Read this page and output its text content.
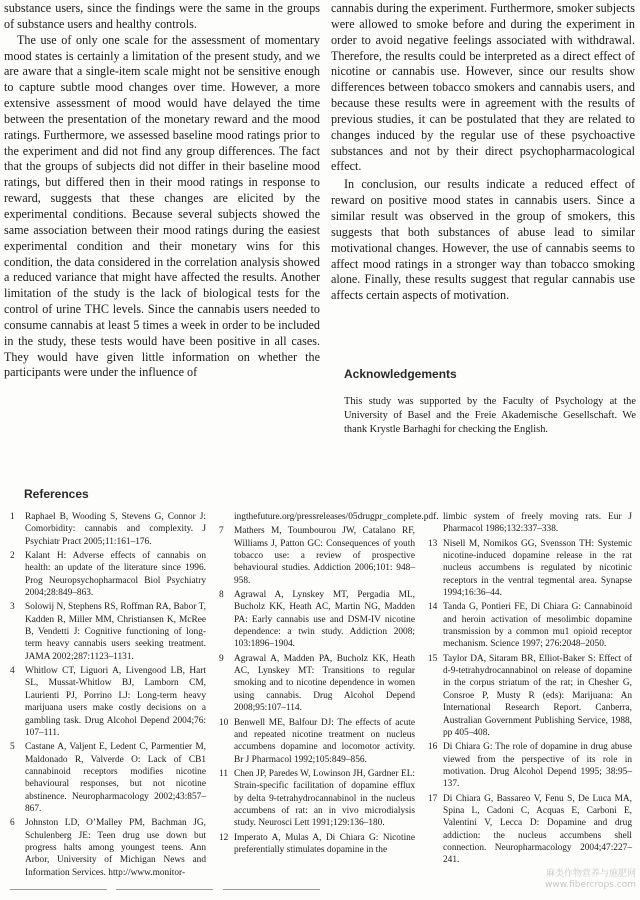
substance users, since the findings were the same in the groups of substance users and healthy controls.

The use of only one scale for the assessment of momentary mood states is certainly a limitation of the present study, and we are aware that a single-item scale might not be sensitive enough to capture subtle mood changes over time. However, a more extensive assessment of mood would have delayed the time between the presentation of the monetary reward and the mood ratings. Furthermore, we assessed baseline mood ratings prior to the experiment and did not find any group differences. The fact that the groups of subjects did not differ in their baseline mood ratings, but differed then in their mood ratings in response to reward, suggests that these changes are elicited by the experimental conditions. Because several subjects showed the same association between their mood ratings during the easiest experimental condition and their monetary wins for this condition, the data considered in the correlation analysis showed a reduced variance that might have affected the results. Another limitation of the study is the lack of biological tests for the control of urine THC levels. Since the cannabis users needed to consume cannabis at least 5 times a week in order to be included in the study, these tests would have been positive in all cases. They would have given little information on whether the participants were under the influence of

cannabis during the experiment. Furthermore, smoker subjects were allowed to smoke before and during the experiment in order to avoid negative feelings associated with withdrawal. Therefore, the results could be interpreted as a direct effect of nicotine or cannabis use. However, since our results show differences between tobacco smokers and cannabis users, and because these results were in agreement with the results of previous studies, it can be postulated that they are related to changes induced by the regular use of these psychoactive substances and not by their direct psychopharmacological effect.

In conclusion, our results indicate a reduced effect of reward on positive mood states in cannabis users. Since a similar result was observed in the group of smokers, this suggests that both substances of abuse lead to similar motivational changes. However, the use of cannabis seems to affect mood ratings in a stronger way than tobacco smoking alone. Finally, these results suggest that regular cannabis use affects certain aspects of motivation.

Acknowledgements
This study was supported by the Faculty of Psychology at the University of Basel and the Freie Akademische Gesellschaft. We thank Krystle Barhaghi for checking the English.
References
1 Raphael B, Wooding S, Stevens G, Connor J: Comorbidity: cannabis and complexity. J Psychiatr Pract 2005;11:161–176.
2 Kalant H: Adverse effects of cannabis on health: an update of the literature since 1996. Prog Neuropsychopharmacol Biol Psychiatry 2004;28:849–863.
3 Solowij N, Stephens RS, Roffman RA, Babor T, Kadden R, Miller MM, Christiansen K, McRee B, Vendetti J: Cognitive functioning of long-term heavy cannabis users seeking treatment. JAMA 2002;287:1123–1131.
4 Whitlow CT, Liguori A, Livengood LB, Hart SL, Mussat-Whitlow BJ, Lamborn CM, Laurienti PJ, Porrino LJ: Long-term heavy marijuana users make costly decisions on a gambling task. Drug Alcohol Depend 2004;76: 107–111.
5 Castane A, Valjent E, Ledent C, Parmentier M, Maldonado R, Valverde O: Lack of CB1 cannabinoid receptors modifies nicotine behavioural responses, but not nicotine abstinence. Neuropharmacology 2002;43:857–867.
6 Johnston LD, O’Malley PM, Bachman JG, Schulenberg JE: Teen drug use down but progress halts among youngest teens. Ann Arbor, University of Michigan News and Information Services. http://www.monitor-
ingthefuture.org/pressreleases/05drugpr_complete.pdf.
7 Mathers M, Toumbourou JW, Catalano RF, Williams J, Patton GC: Consequences of youth tobacco use: a review of prospective behavioural studies. Addiction 2006;101: 948–958.
8 Agrawal A, Lynskey MT, Pergadia ML, Bucholz KK, Heath AC, Martin NG, Madden PA: Early cannabis use and DSM-IV nicotine dependence: a twin study. Addiction 2008; 103:1896–1904.
9 Agrawal A, Madden PA, Bucholz KK, Heath AC, Lynskey MT: Transitions to regular smoking and to nicotine dependence in women using cannabis. Drug Alcohol Depend 2008;95:107–114.
10 Benwell ME, Balfour DJ: The effects of acute and repeated nicotine treatment on nucleus accumbens dopamine and locomotor activity. Br J Pharmacol 1992;105:849–856.
11 Chen JP, Paredes W, Lowinson JH, Gardner EL: Strain-specific facilitation of dopamine efflux by delta 9-tetrahydrocannabinol in the nucleus accumbens of rat: an in vivo microdialysis study. Neurosci Lett 1991;129:136–180.
12 Imperato A, Mulas A, Di Chiara G: Nicotine preferentially stimulates dopamine in the
limbic system of freely moving rats. Eur J Pharmacol 1986;132:337–338.
13 Nisell M, Nomikos GG, Svensson TH: Systemic nicotine-induced dopamine release in the rat nucleus accumbens is regulated by nicotinic receptors in the ventral tegmental area. Synapse 1994;16:36–44.
14 Tanda G, Pontieri FE, Di Chiara G: Cannabinoid and heroin activation of mesolimbic dopamine transmission by a common mu1 opioid receptor mechanism. Science 1997; 276:2048–2050.
15 Taylor DA, Sitaram BR, Elliot-Baker S: Effect of d-9-tetrahydrocannabinol on release of dopamine in the corpus striatum of the rat; in Chesher G, Consroe P, Musty R (eds): Marijuana: An International Research Report. Canberra, Australian Government Publishing Service, 1988, pp 405–408.
16 Di Chiara G: The role of dopamine in drug abuse viewed from the perspective of its role in motivation. Drug Alcohol Depend 1995; 38:95–137.
17 Di Chiara G, Bassareo V, Fenu S, De Luca MA, Spina L, Cadoni C, Acquas E, Carboni E, Valentini V, Lecca D: Dopamine and drug addiction: the nucleus accumbens shell connection. Neuropharmacology 2004;47:227–241.
麻类作物营养与施肥网
www.fibercrops.com
